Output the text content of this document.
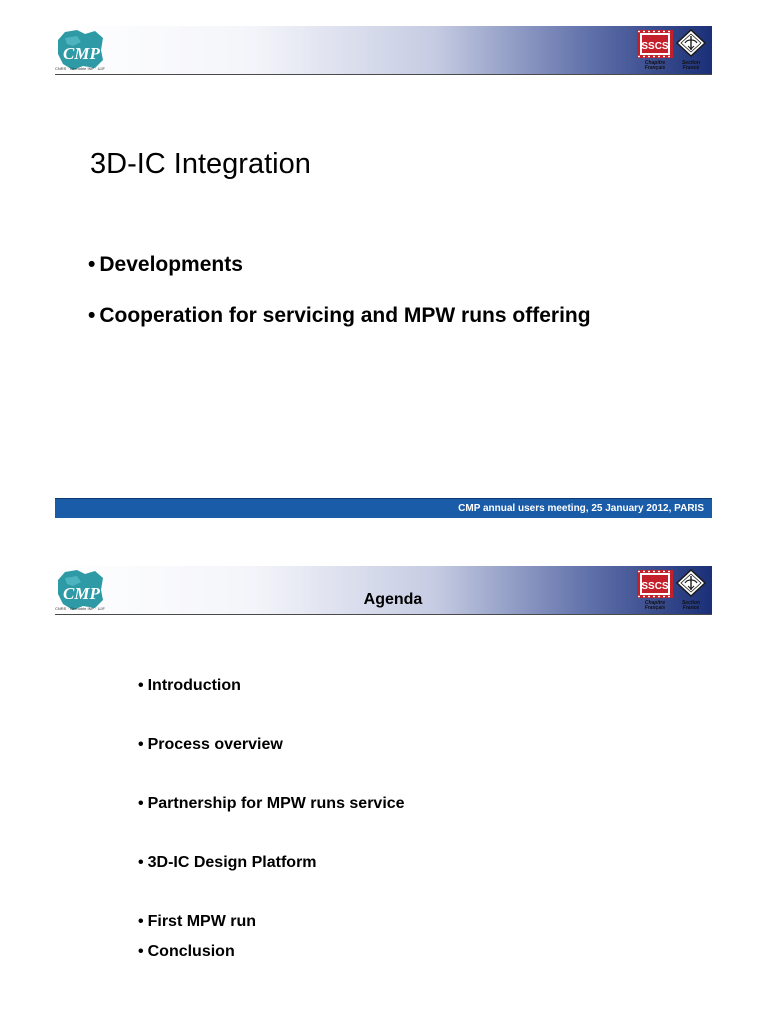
CNRS · Grenoble INP · UJF
Chapitre
Français
Section
France
3D-IC Integration
• Developments
• Cooperation for servicing and MPW runs offering
CMP annual users meeting, 25 January 2012, PARIS
CNRS · Grenoble INP · UJF
Agenda	Chapitre
Français
Section
France
• Introduction
• Process overview
• Partnership for MPW runs service
• 3D-IC Design Platform
• First MPW run
• Conclusion
